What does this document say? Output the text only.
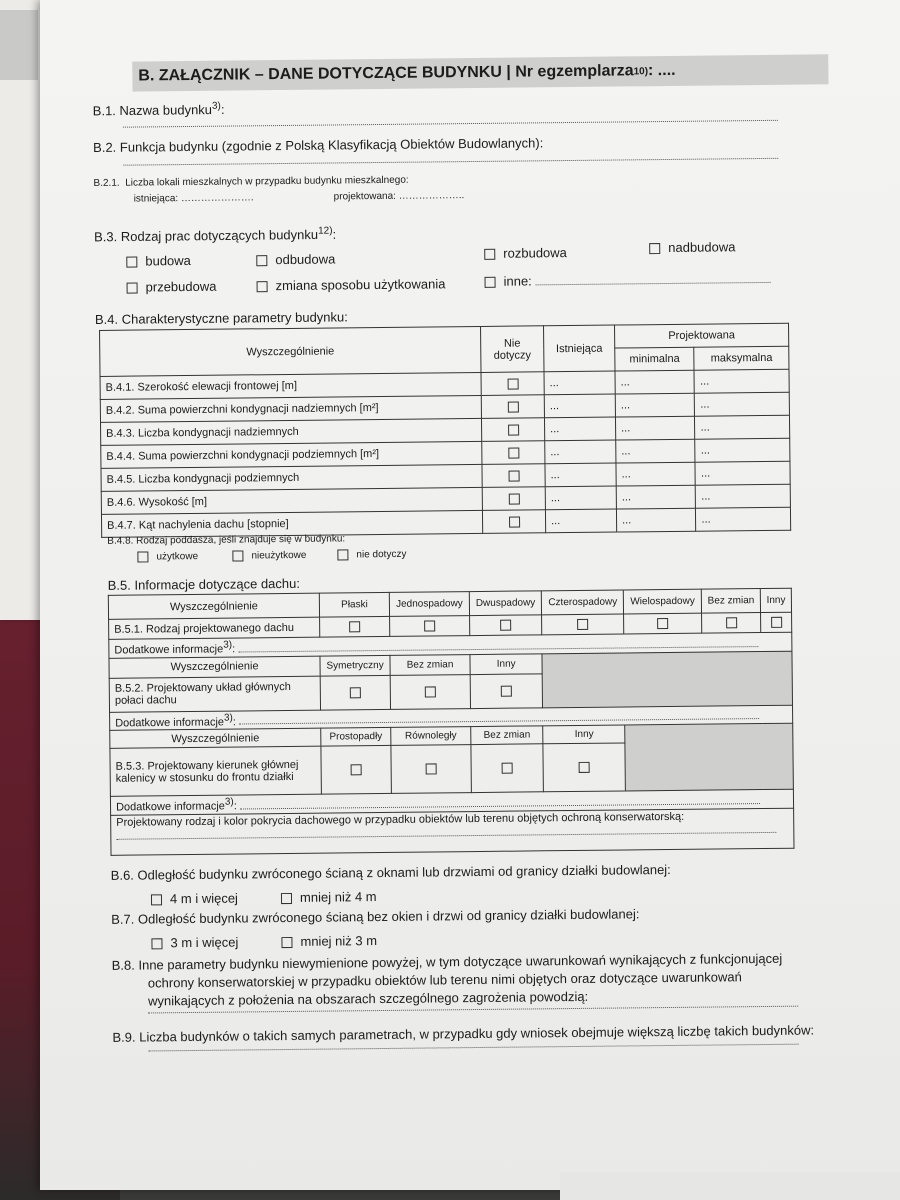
B. ZAŁĄCZNIK – DANE DOTYCZĄCE BUDYNKU | Nr egzemplarza 10) : ....
B.1. Nazwa budynku$^{3)}$:
B.2. Funkcja budynku (zgodnie z Polską Klasyfikacją Obiektów Budowlanych):
B.2.1. Liczba lokali mieszkalnych w przypadku budynku mieszkalnego:
istniejąca: ………………….	projektowana: ………………..
B.3. Rodzaj prac dotyczących budynku$^{12)}$:
budowa	odbudowa	rozbudowa	nadbudowa
przebudowa	zmiana sposobu użytkowania	inne:
B.4. Charakterystyczne parametry budynku:
Wyszczególnienie	Nie dotyczy	Istniejąca	Projektowana	
			minimalna	maksymalna
B.4.1. Szerokość elewacji frontowej [m]		...	...	...
B.4.2. Suma powierzchni kondygnacji nadziemnych [m²]		...	...	...
B.4.3. Liczba kondygnacji nadziemnych		...	...	...
B.4.4. Suma powierzchni kondygnacji podziemnych [m²]		...	...	...
B.4.5. Liczba kondygnacji podziemnych		...	...	...
B.4.6. Wysokość [m]		...	...	...
B.4.7. Kąt nachylenia dachu [stopnie]		...	...	...
B.4.8. Rodzaj poddasza, jeśli znajduje się w budynku:
użytkowe	nieużytkowe	nie dotyczy
B.5. Informacje dotyczące dachu:
Wyszczególnienie	Płaski	Jednospadowy	Dwuspadowy	Czterospadowy	Wielospadowy	Bez zmian	Inny
B.5.1. Rodzaj projektowanego dachu							
Dodatkowe informacje$^{3)}$:							
Wyszczególnienie	Symetryczny	Bez zmian	Inny				
B.5.2. Projektowany układ głównych połaci dachu							
Dodatkowe informacje$^{3)}$:							
Wyszczególnienie	Prostopadły	Równoległy	Bez zmian	Inny			
B.5.3. Projektowany kierunek głównej kalenicy w stosunku do frontu działki							
Dodatkowe informacje$^{3)}$:							
Projektowany rodzaj i kolor pokrycia dachowego w przypadku obiektów lub terenu objętych ochroną konserwatorską:							

B.6. Odległość budynku zwróconego ścianą z oknami lub drzwiami od granicy działki budowlanej:
4 m i więcej	mniej niż 4 m
B.7. Odległość budynku zwróconego ścianą bez okien i drzwi od granicy działki budowlanej:
3 m i więcej	mniej niż 3 m
B.8. Inne parametry budynku niewymienione powyżej, w tym dotyczące uwarunkowań wynikających z funkcjonującej
ochrony konserwatorskiej w przypadku obiektów lub terenu nimi objętych oraz dotyczące uwarunkowań
wynikających z położenia na obszarach szczególnego zagrożenia powodzią:
B.9. Liczba budynków o takich samych parametrach, w przypadku gdy wniosek obejmuje większą liczbę takich budynków:
